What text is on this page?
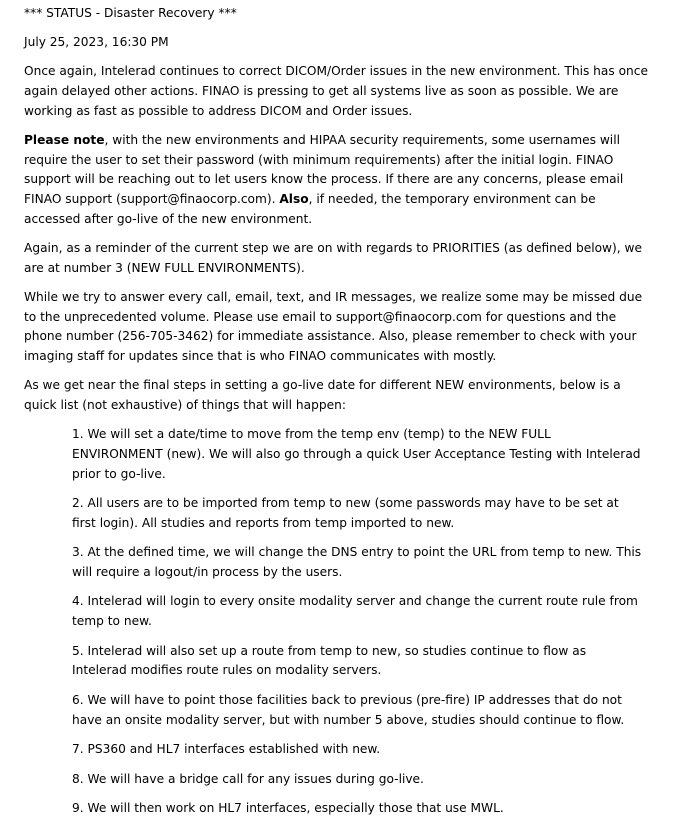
*** STATUS - Disaster Recovery ***
July 25, 2023, 16:30 PM
Once again, Intelerad continues to correct DICOM/Order issues in the new environment. This has once again delayed other actions. FINAO is pressing to get all systems live as soon as possible. We are working as fast as possible to address DICOM and Order issues.
Please note, with the new environments and HIPAA security requirements, some usernames will require the user to set their password (with minimum requirements) after the initial login. FINAO support will be reaching out to let users know the process. If there are any concerns, please email FINAO support (support@finaocorp.com). Also, if needed, the temporary environment can be accessed after go-live of the new environment.
Again, as a reminder of the current step we are on with regards to PRIORITIES (as defined below), we are at number 3 (NEW FULL ENVIRONMENTS).
While we try to answer every call, email, text, and IR messages, we realize some may be missed due to the unprecedented volume. Please use email to support@finaocorp.com for questions and the phone number (256-705-3462) for immediate assistance. Also, please remember to check with your imaging staff for updates since that is who FINAO communicates with mostly.
As we get near the final steps in setting a go-live date for different NEW environments, below is a quick list (not exhaustive) of things that will happen:
1. We will set a date/time to move from the temp env (temp) to the NEW FULL ENVIRONMENT (new). We will also go through a quick User Acceptance Testing with Intelerad prior to go-live.
2. All users are to be imported from temp to new (some passwords may have to be set at first login). All studies and reports from temp imported to new.
3. At the defined time, we will change the DNS entry to point the URL from temp to new. This will require a logout/in process by the users.
4. Intelerad will login to every onsite modality server and change the current route rule from temp to new.
5. Intelerad will also set up a route from temp to new, so studies continue to flow as Intelerad modifies route rules on modality servers.
6. We will have to point those facilities back to previous (pre-fire) IP addresses that do not have an onsite modality server, but with number 5 above, studies should continue to flow.
7. PS360 and HL7 interfaces established with new.
8. We will have a bridge call for any issues during go-live.
9. We will then work on HL7 interfaces, especially those that use MWL.
